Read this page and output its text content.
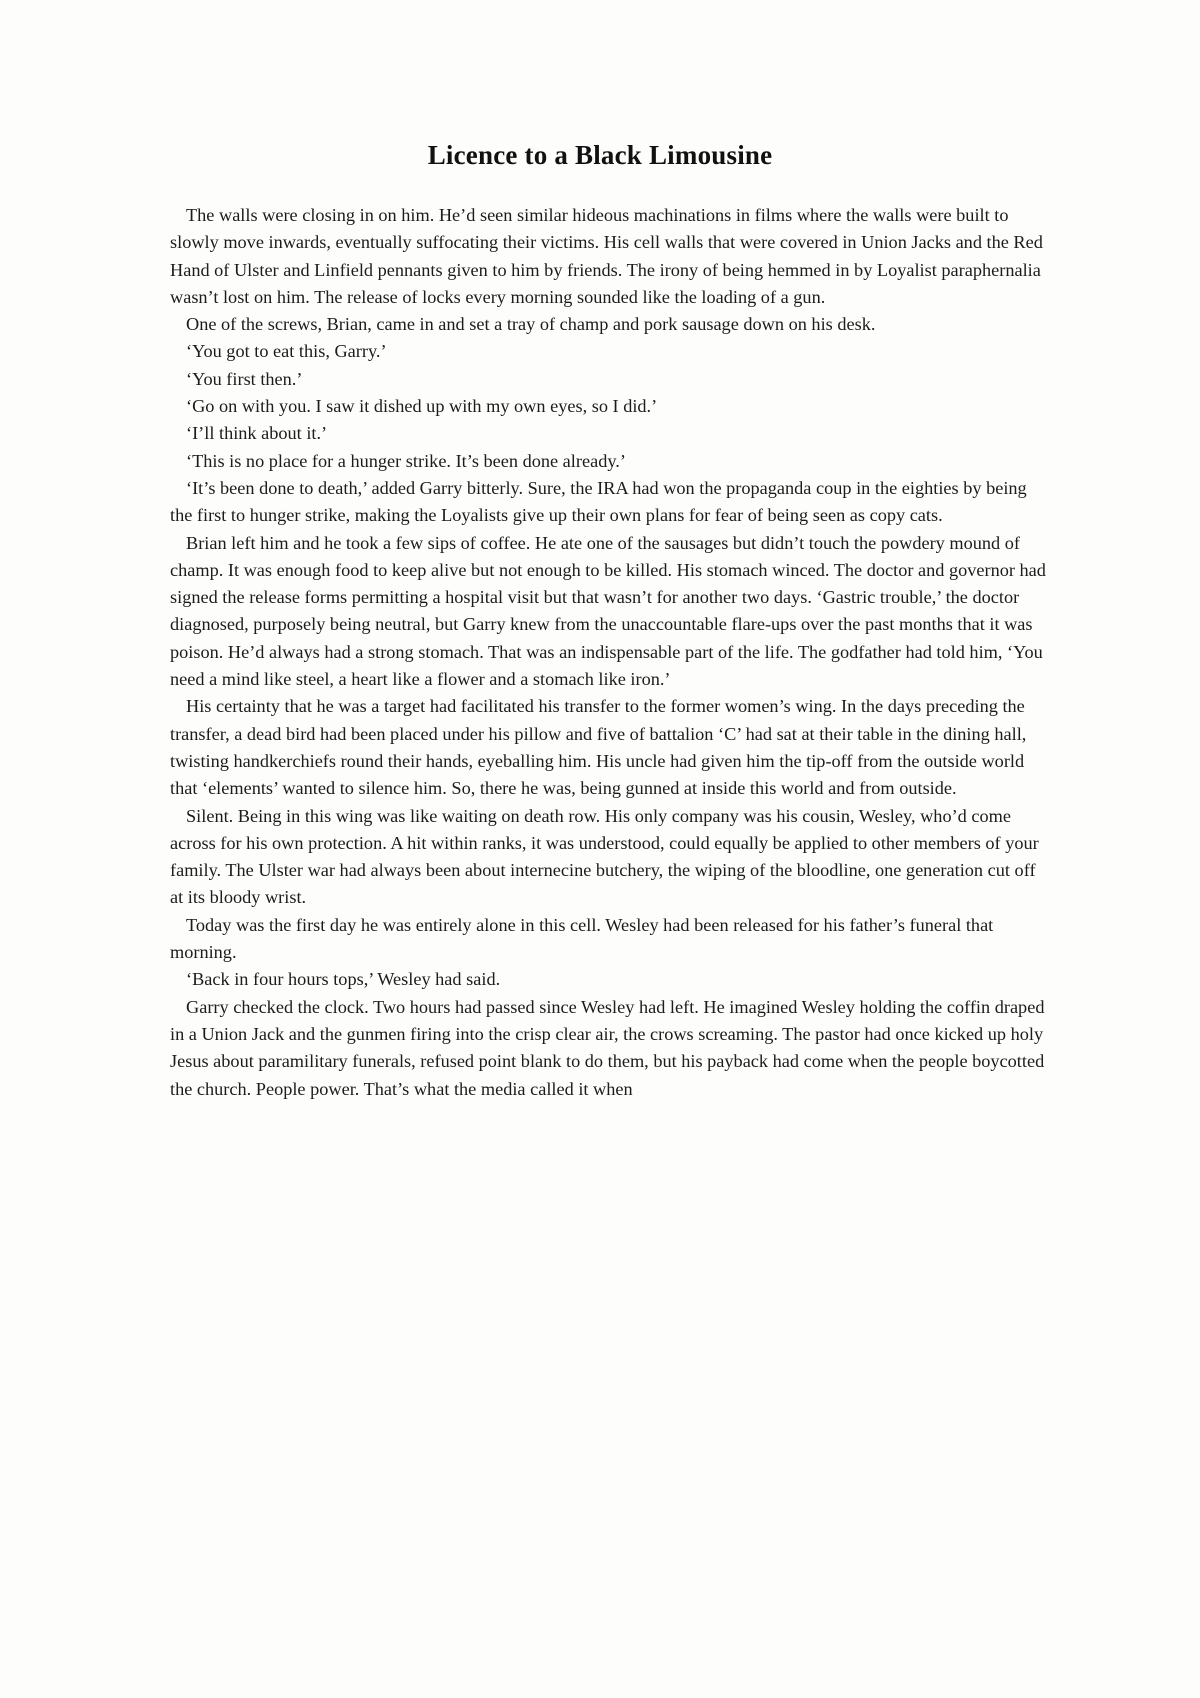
Licence to a Black Limousine

The walls were closing in on him. He’d seen similar hideous machinations in films where the walls were built to slowly move inwards, eventually suffocating their victims. His cell walls that were covered in Union Jacks and the Red Hand of Ulster and Linfield pennants given to him by friends. The irony of being hemmed in by Loyalist paraphernalia wasn’t lost on him. The release of locks every morning sounded like the loading of a gun.

One of the screws, Brian, came in and set a tray of champ and pork sausage down on his desk.

‘You got to eat this, Garry.’

‘You first then.’

‘Go on with you. I saw it dished up with my own eyes, so I did.’

‘I’ll think about it.’

‘This is no place for a hunger strike. It’s been done already.’

‘It’s been done to death,’ added Garry bitterly. Sure, the IRA had won the propaganda coup in the eighties by being the first to hunger strike, making the Loyalists give up their own plans for fear of being seen as copy cats.

Brian left him and he took a few sips of coffee. He ate one of the sausages but didn’t touch the powdery mound of champ. It was enough food to keep alive but not enough to be killed. His stomach winced. The doctor and governor had signed the release forms permitting a hospital visit but that wasn’t for another two days. ‘Gastric trouble,’ the doctor diagnosed, purposely being neutral, but Garry knew from the unaccountable flare-ups over the past months that it was poison. He’d always had a strong stomach. That was an indispensable part of the life. The godfather had told him, ‘You need a mind like steel, a heart like a flower and a stomach like iron.’

His certainty that he was a target had facilitated his transfer to the former women’s wing. In the days preceding the transfer, a dead bird had been placed under his pillow and five of battalion ‘C’ had sat at their table in the dining hall, twisting handkerchiefs round their hands, eyeballing him. His uncle had given him the tip-off from the outside world that ‘elements’ wanted to silence him. So, there he was, being gunned at inside this world and from outside.

Silent. Being in this wing was like waiting on death row. His only company was his cousin, Wesley, who’d come across for his own protection. A hit within ranks, it was understood, could equally be applied to other members of your family. The Ulster war had always been about internecine butchery, the wiping of the bloodline, one generation cut off at its bloody wrist.

Today was the first day he was entirely alone in this cell. Wesley had been released for his father’s funeral that morning.

‘Back in four hours tops,’ Wesley had said.

Garry checked the clock. Two hours had passed since Wesley had left. He imagined Wesley holding the coffin draped in a Union Jack and the gunmen firing into the crisp clear air, the crows screaming. The pastor had once kicked up holy Jesus about paramilitary funerals, refused point blank to do them, but his payback had come when the people boycotted the church. People power. That’s what the media called it when
